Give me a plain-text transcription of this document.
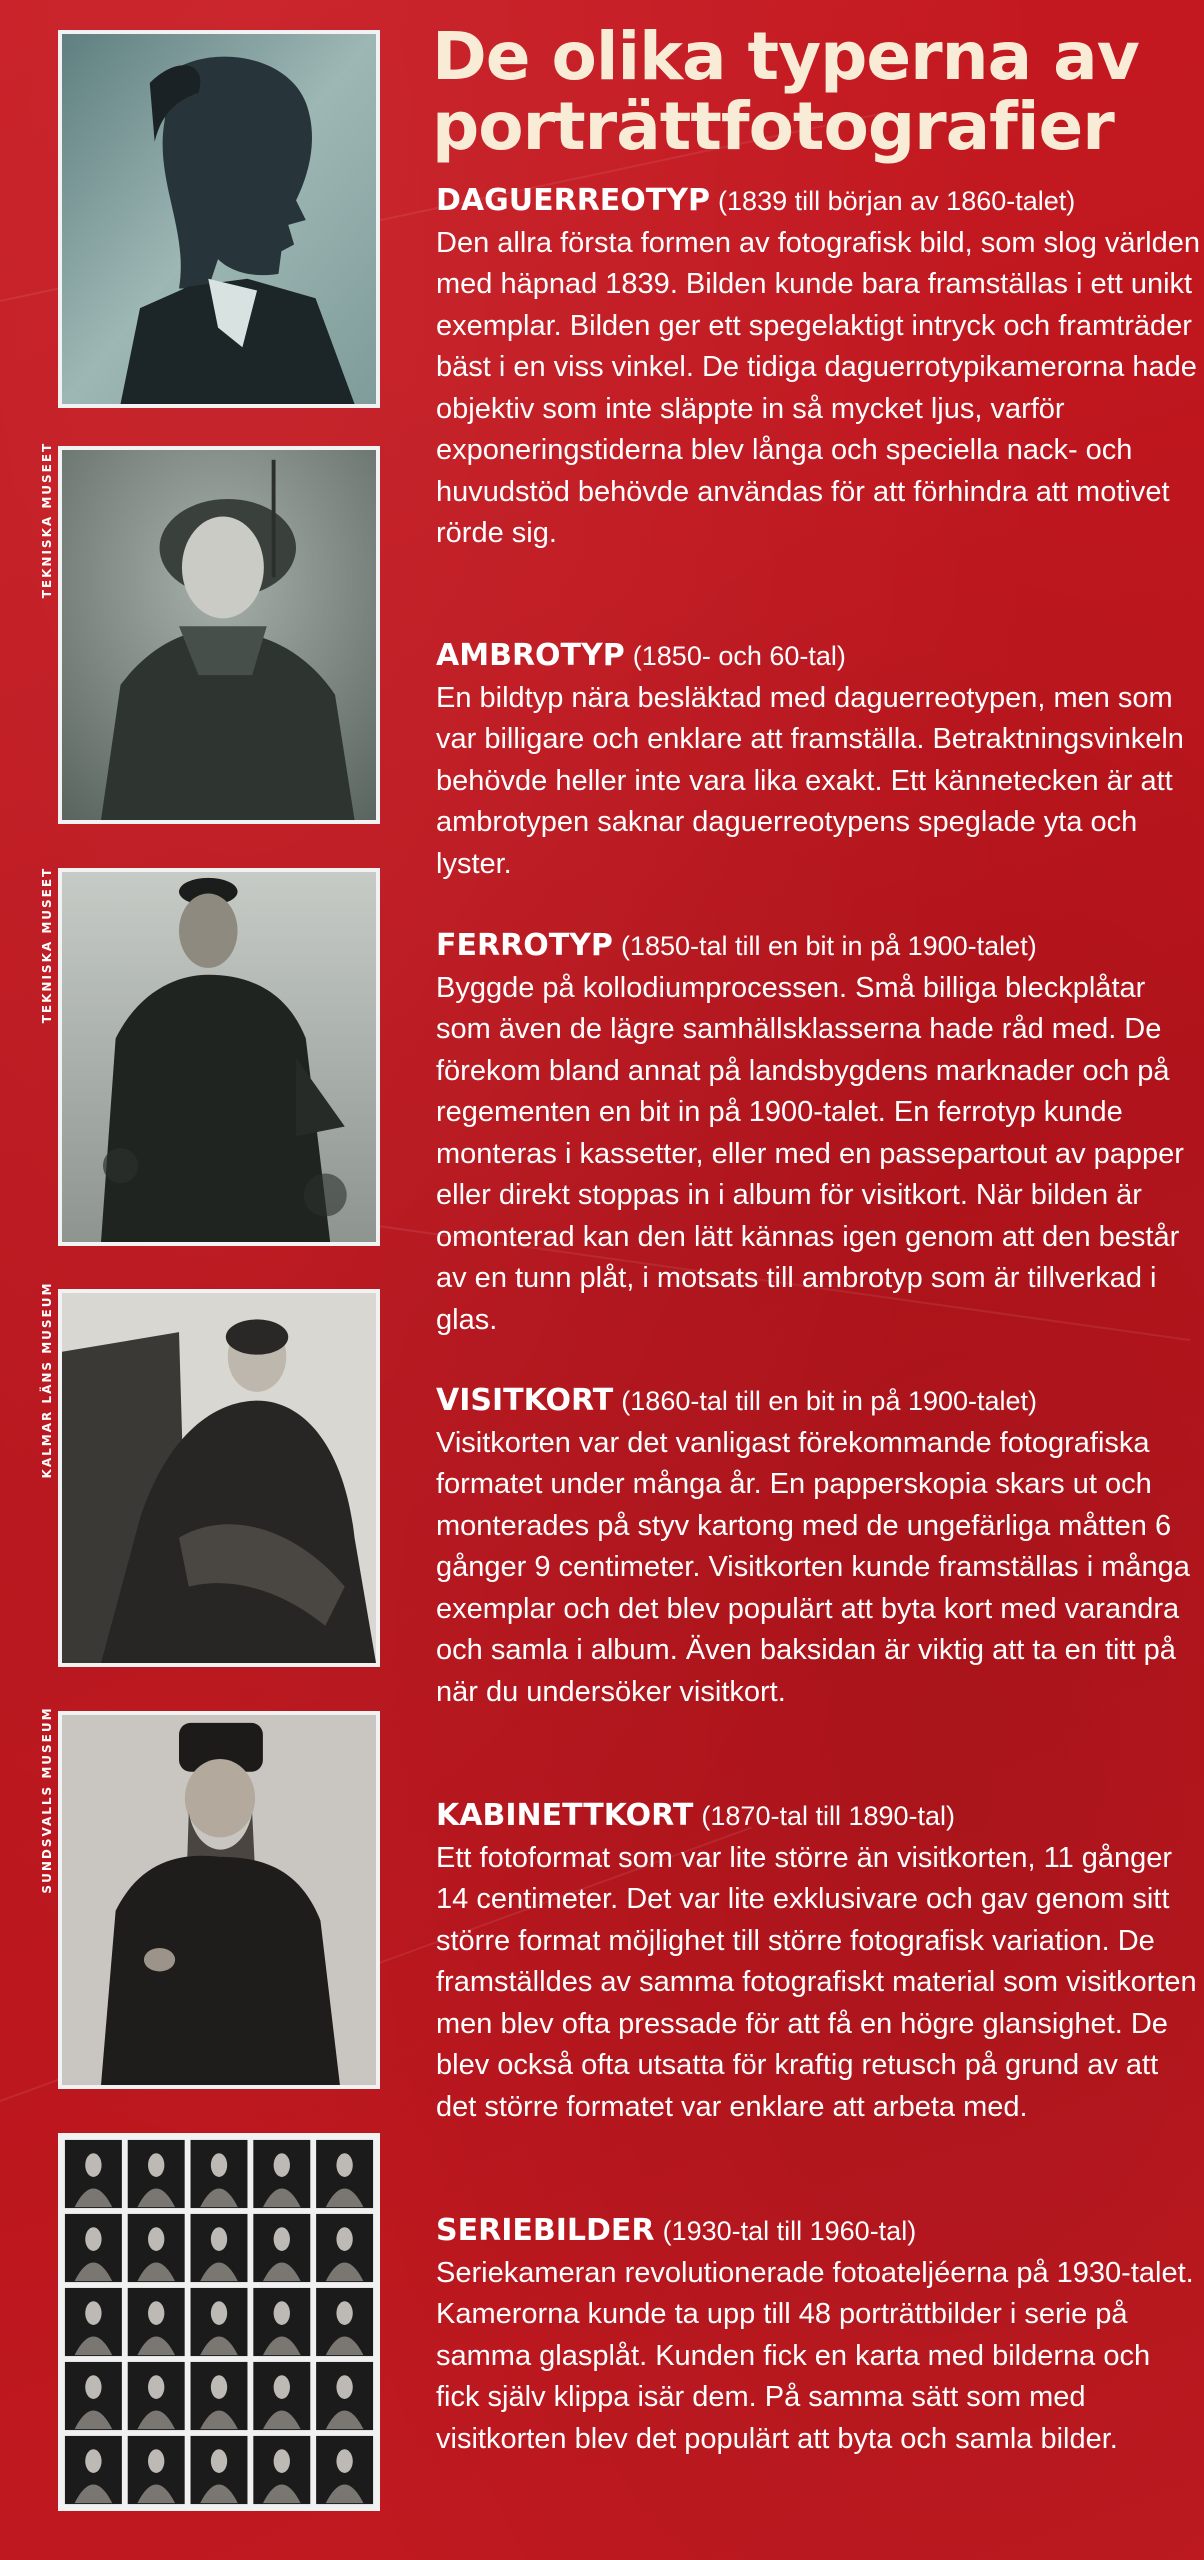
De olika typerna av porträttfotografier
TEKNISKA MUSEET
TEKNISKA MUSEET
KALMAR LÄNS MUSEUM
SUNDSVALLS MUSEUM

DAGUERREOTYP (1839 till början av 1860-talet)
Den allra första formen av fotografisk bild, som slog världen med häpnad 1839. Bilden kunde bara framställas i ett unikt exemplar. Bilden ger ett spegelaktigt intryck och framträder bäst i en viss vinkel. De tidiga daguerrotypikamerorna hade objektiv som inte släppte in så mycket ljus, varför exponeringstiderna blev långa och speciella nack- och huvudstöd behövde användas för att förhindra att motivet rörde sig.

AMBROTYP (1850- och 60-tal)
En bildtyp nära besläktad med daguerreotypen, men som var billigare och enklare att framställa. Betraktningsvinkeln behövde heller inte vara lika exakt. Ett kännetecken är att ambrotypen saknar daguerreotypens speglade yta och lyster.

FERROTYP (1850-tal till en bit in på 1900-talet)
Byggde på kollodiumprocessen. Små billiga bleckplåtar som även de lägre samhällsklasserna hade råd med. De förekom bland annat på landsbygdens marknader och på regementen en bit in på 1900-talet. En ferrotyp kunde monteras i kassetter, eller med en passepartout av papper eller direkt stoppas in i album för visitkort. När bilden är omonterad kan den lätt kännas igen genom att den består av en tunn plåt, i motsats till ambrotyp som är tillverkad i glas.

VISITKORT (1860-tal till en bit in på 1900-talet)
Visitkorten var det vanligast förekommande fotografiska formatet under många år. En papperskopia skars ut och monterades på styv kartong med de ungefärliga måtten 6 gånger 9 centimeter. Visitkorten kunde framställas i många exemplar och det blev populärt att byta kort med varandra och samla i album. Även baksidan är viktig att ta en titt på när du undersöker visitkort.

KABINETTKORT (1870-tal till 1890-tal)
Ett fotoformat som var lite större än visitkorten, 11 gånger 14 centimeter. Det var lite exklusivare och gav genom sitt större format möjlighet till större fotografisk variation. De framställdes av samma fotografiskt material som visitkorten men blev ofta pressade för att få en högre glansighet. De blev också ofta utsatta för kraftig retusch på grund av att det större formatet var enklare att arbeta med.

SERIEBILDER (1930-tal till 1960-tal)
Seriekameran revolutionerade fotoateljéerna på 1930-talet. Kamerorna kunde ta upp till 48 porträttbilder i serie på samma glasplåt. Kunden fick en karta med bilderna och fick själv klippa isär dem. På samma sätt som med visitkorten blev det populärt att byta och samla bilder.
